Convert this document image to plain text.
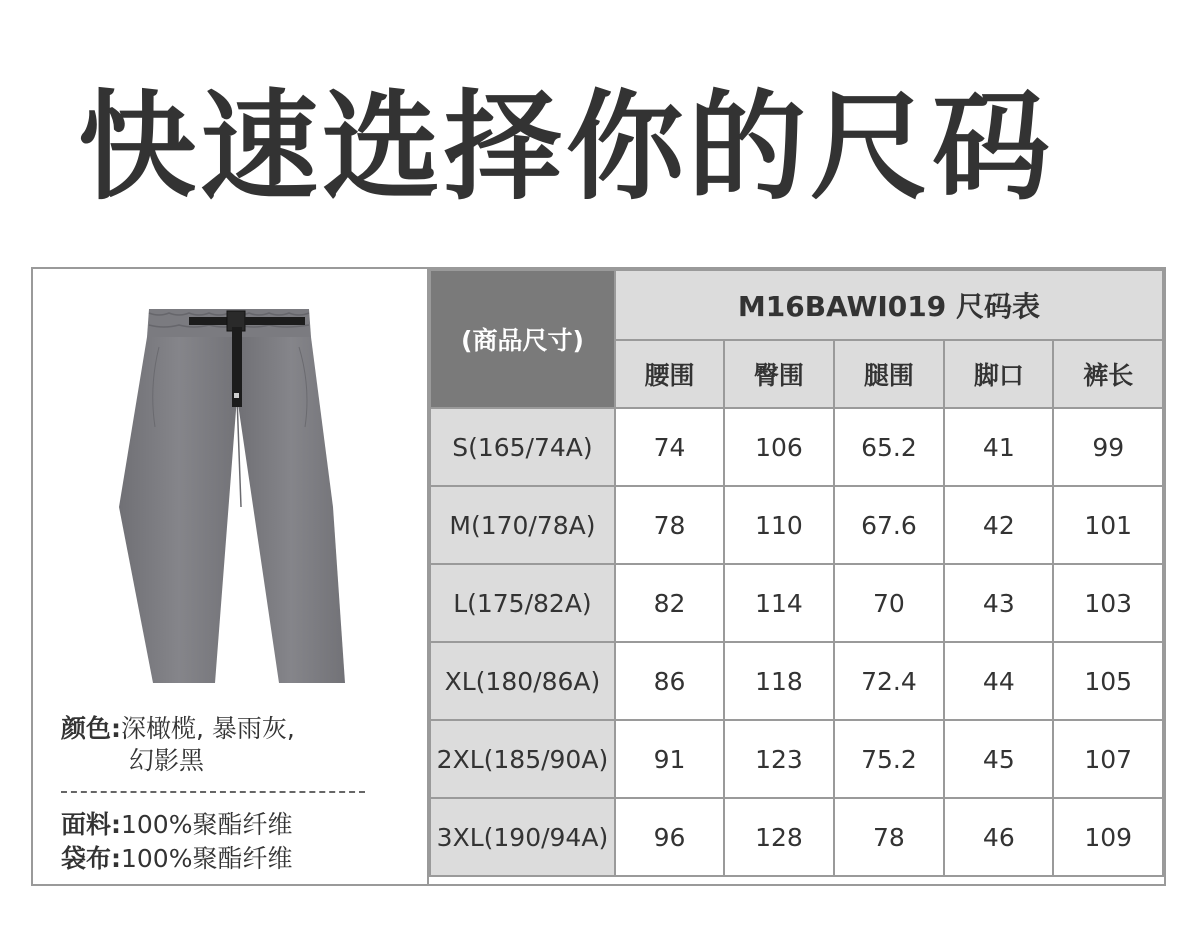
快速选择你的尺码
颜色:深橄榄, 暴雨灰,
幻影黑
面料:100%聚酯纤维
袋布:100%聚酯纤维
(商品尺寸)	M16BAWI019 尺码表				
	腰围	臀围	腿围	脚口	裤长
S(165/74A)	74	106	65.2	41	99
M(170/78A)	78	110	67.6	42	101
L(175/82A)	82	114	70	43	103
XL(180/86A)	86	118	72.4	44	105
2XL(185/90A)	91	123	75.2	45	107
3XL(190/94A)	96	128	78	46	109
